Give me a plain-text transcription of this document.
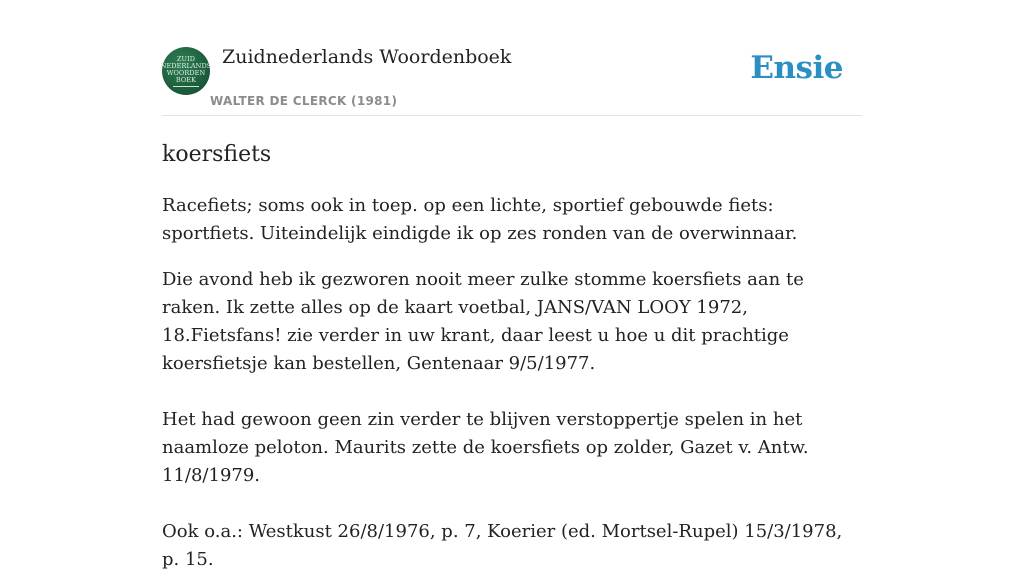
ZUID
NEDERLANDS
WOORDEN
BOEK
Zuidnederlands Woordenboek
WALTER DE CLERCK (1981)
Ensie
koersfiets

Racefiets; soms ook in toep. op een lichte, sportief gebouwde fiets: sportfiets. Uiteindelijk eindigde ik op zes ronden van de overwinnaar.

Die avond heb ik gezworen nooit meer zulke stomme koersfiets aan te raken. Ik zette alles op de kaart voetbal, JANS/VAN LOOY 1972, 18.Fietsfans! zie verder in uw krant, daar leest u hoe u dit prachtige koersfietsje kan bestellen, Gentenaar 9/5/1977.

Het had gewoon geen zin verder te blijven verstoppertje spelen in het naamloze peloton. Maurits zette de koersfiets op zolder, Gazet v. Antw. 11/8/1979.

Ook o.a.: Westkust 26/8/1976, p. 7, Koerier (ed. Mortsel-Rupel) 15/3/1978, p. 15.
